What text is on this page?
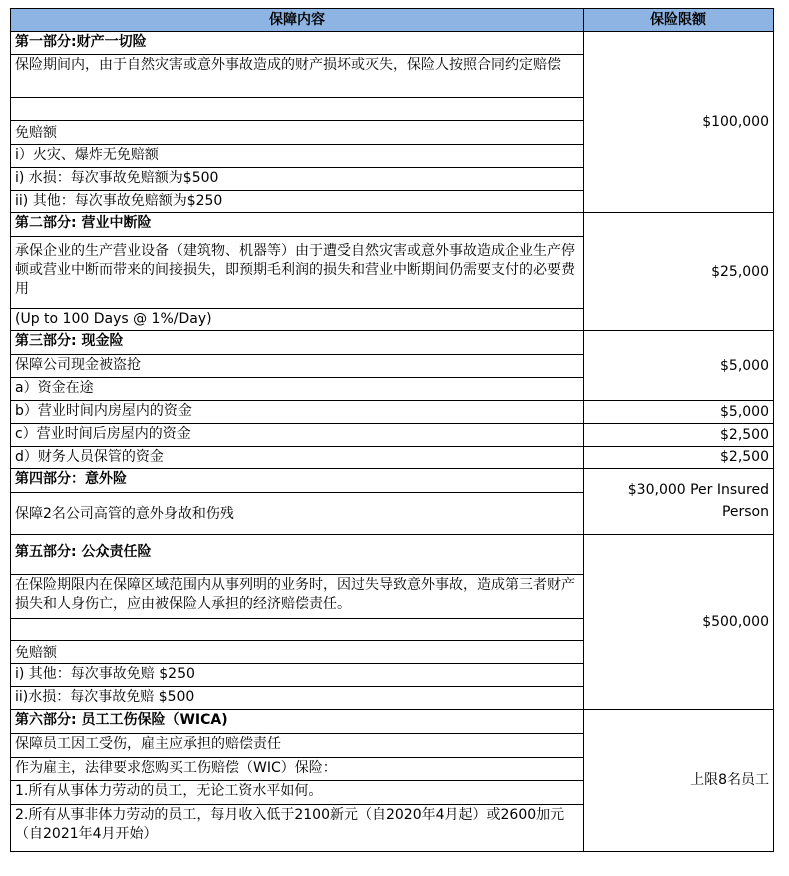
保障内容	保险限额
第一部分:财产一切险
保险期间内，由于自然灾害或意外事故造成的财产损坏或灭失，保险人按照合同约定赔偿
免赔额
i）火灾、爆炸无免赔额
i) 水损：每次事故免赔额为$500
ii) 其他：每次事故免赔额为$250
$100,000
第二部分: 营业中断险
承保企业的生产营业设备（建筑物、机器等）由于遭受自然灾害或意外事故造成企业生产停顿或营业中断而带来的间接损失，即预期毛利润的损失和营业中断期间仍需要支付的必要费用
(Up to 100 Days @ 1%/Day)
$25,000
第三部分: 现金险
保障公司现金被盗抢
a）资金在途
b）营业时间内房屋内的资金
c）营业时间后房屋内的资金
d）财务人员保管的资金
$5,000
$5,000
$2,500
$2,500
第四部分：意外险
保障2名公司高管的意外身故和伤残
$30,000 Per Insured Person
第五部分: 公众责任险
在保险期限内在保障区域范围内从事列明的业务时，因过失导致意外事故，造成第三者财产损失和人身伤亡，应由被保险人承担的经济赔偿责任。
免赔额
i) 其他：每次事故免赔 $250
ii)水损：每次事故免赔 $500
$500,000
第六部分: 员工工伤保险（WICA)
保障员工因工受伤，雇主应承担的赔偿责任
作为雇主，法律要求您购买工伤赔偿（WIC）保险：
1.所有从事体力劳动的员工，无论工资水平如何。
2.所有从事非体力劳动的员工，每月收入低于2100新元（自2020年4月起）或2600加元（自2021年4月开始）
上限8名员工
